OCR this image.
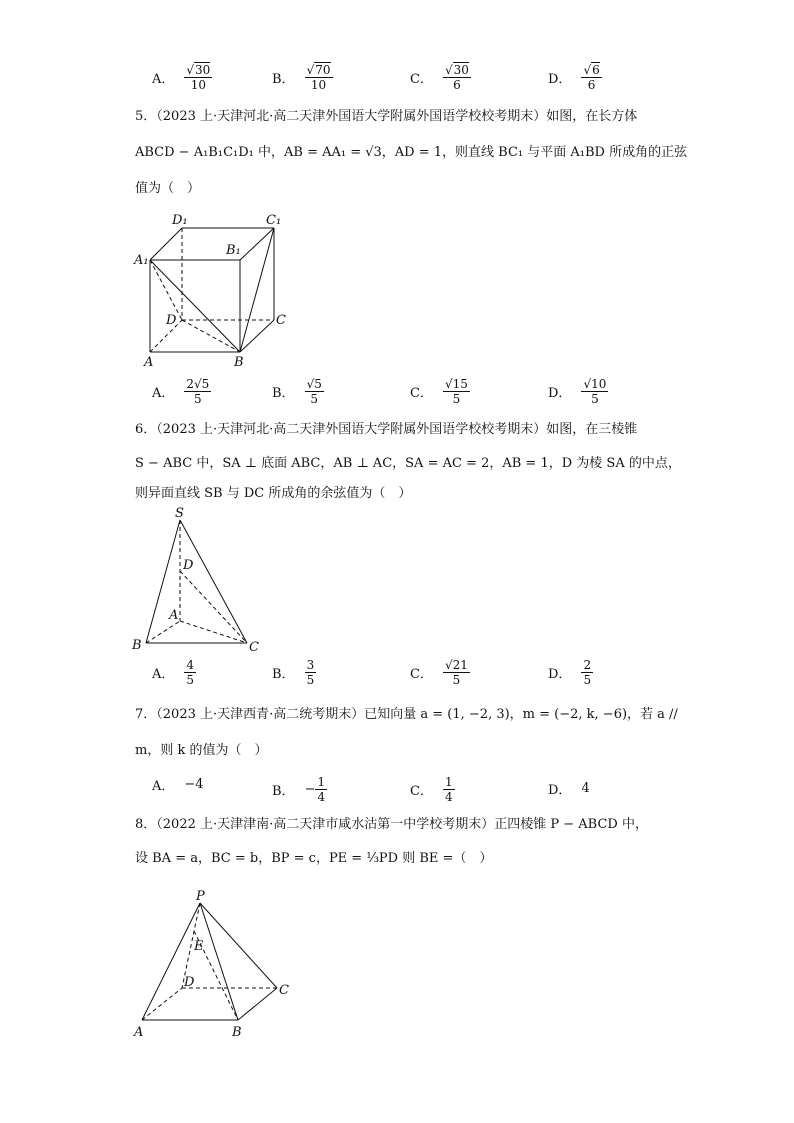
A． $\frac{√30}{10}$	B． $\frac{√70}{10}$	C． $\frac{√30}{6}$	D． $\frac{√6}{6}$
5．（2023 上·天津河北·高二天津外国语大学附属外国语学校校考期末）如图，在长方体
ABCD − A₁B₁C₁D₁ 中，AB = AA₁ = √3，AD = 1，则直线 BC₁ 与平面 A₁BD 所成角的正弦
值为（　）
D₁	C₁
B₁
A₁
D	C
A	B
A． $\frac{2√5}{5}$	B． $\frac{√5}{5}$	C． $\frac{√15}{5}$	D． $\frac{√10}{5}$
6．（2023 上·天津河北·高二天津外国语大学附属外国语学校校考期末）如图，在三棱锥
S − ABC 中，SA ⊥ 底面 ABC，AB ⊥ AC，SA = AC = 2，AB = 1，D 为棱 SA 的中点，
则异面直线 SB 与 DC 所成角的余弦值为（　）
S
D
A
B	C
A． $\frac{4}{5}$	B． $\frac{3}{5}$	C． $\frac{√21}{5}$	D． $\frac{2}{5}$
7．（2023 上·天津西青·高二统考期末）已知向量 a = (1, −2, 3)，m = (−2, k, −6)，若 a //
m，则 k 的值为（　）
A． −4	B． − $\frac{1}{4}$	C． $\frac{1}{4}$	D． 4
8．（2022 上·天津津南·高二天津市咸水沽第一中学校考期末）正四棱锥 P − ABCD 中，
设 BA = a，BC = b，BP = c，PE = ⅓PD 则 BE =（　）
P
E
D
C
A	B
